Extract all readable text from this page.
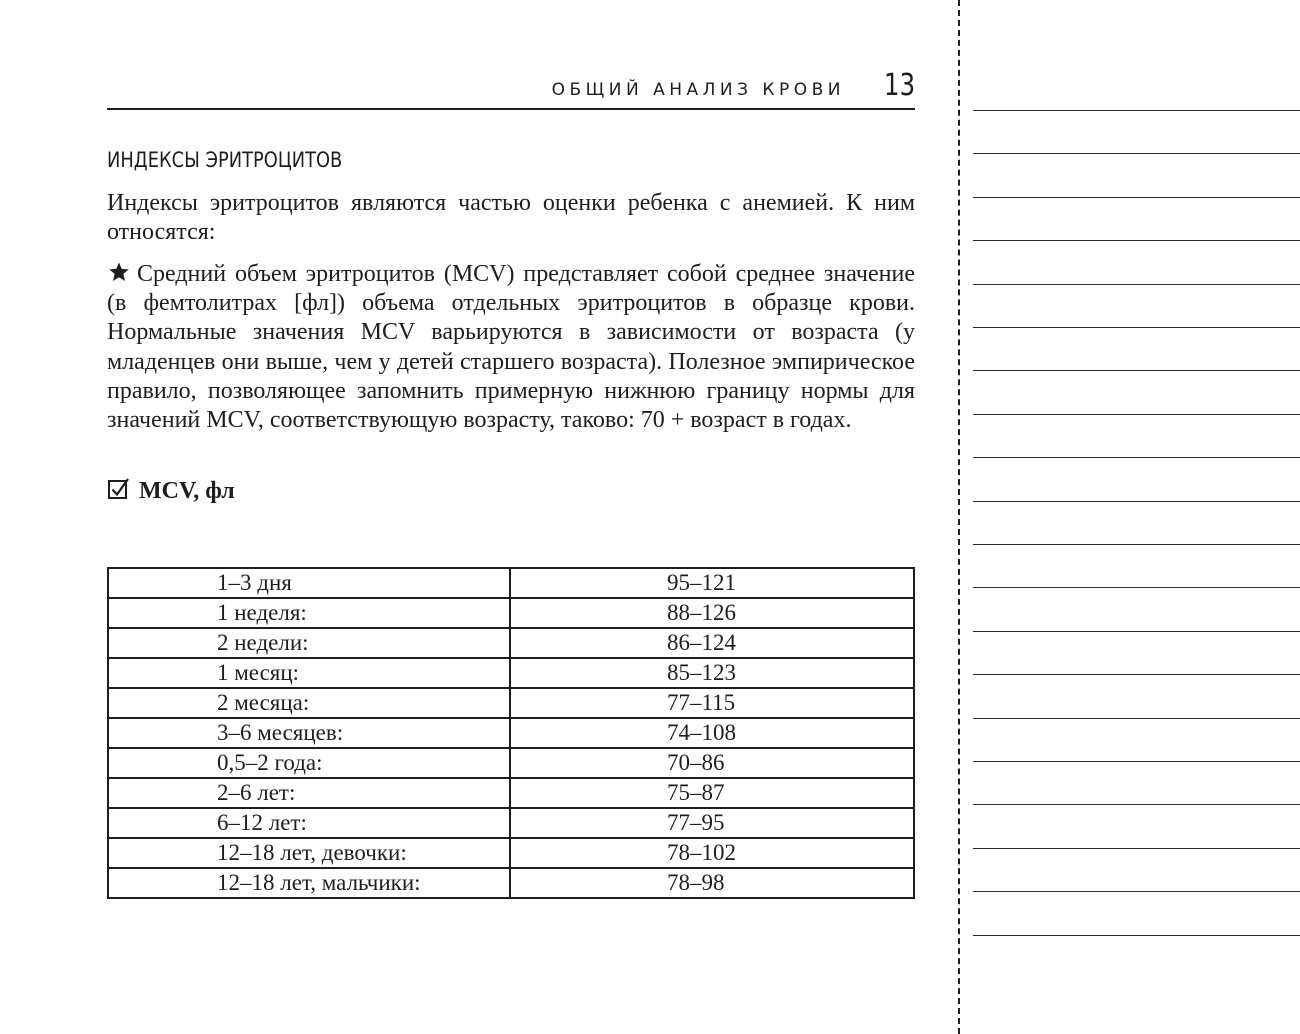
ОБЩИЙ АНАЛИЗ КРОВИ 13
ИНДЕКСЫ ЭРИТРОЦИТОВ

Индексы эритроцитов являются частью оценки ребенка с анемией. К ним относятся:

Средний объем эритроцитов (MCV) представляет собой среднее значение (в фемтолитрах [фл]) объема отдельных эритроцитов в образце крови. Нормальные значения MCV варьируются в зависимости от возраста (у младенцев они выше, чем у детей старшего возраста). Полезное эмпирическое правило, позволяющее запомнить примерную нижнюю границу нормы для значений MCV, соответствующую возрасту, таково: 70 + возраст в годах.

MCV, фл
1–3 дня	95–121
1 неделя:	88–126
2 недели:	86–124
1 месяц:	85–123
2 месяца:	77–115
3–6 месяцев:	74–108
0,5–2 года:	70–86
2–6 лет:	75–87
6–12 лет:	77–95
12–18 лет, девочки:	78–102
12–18 лет, мальчики:	78–98
